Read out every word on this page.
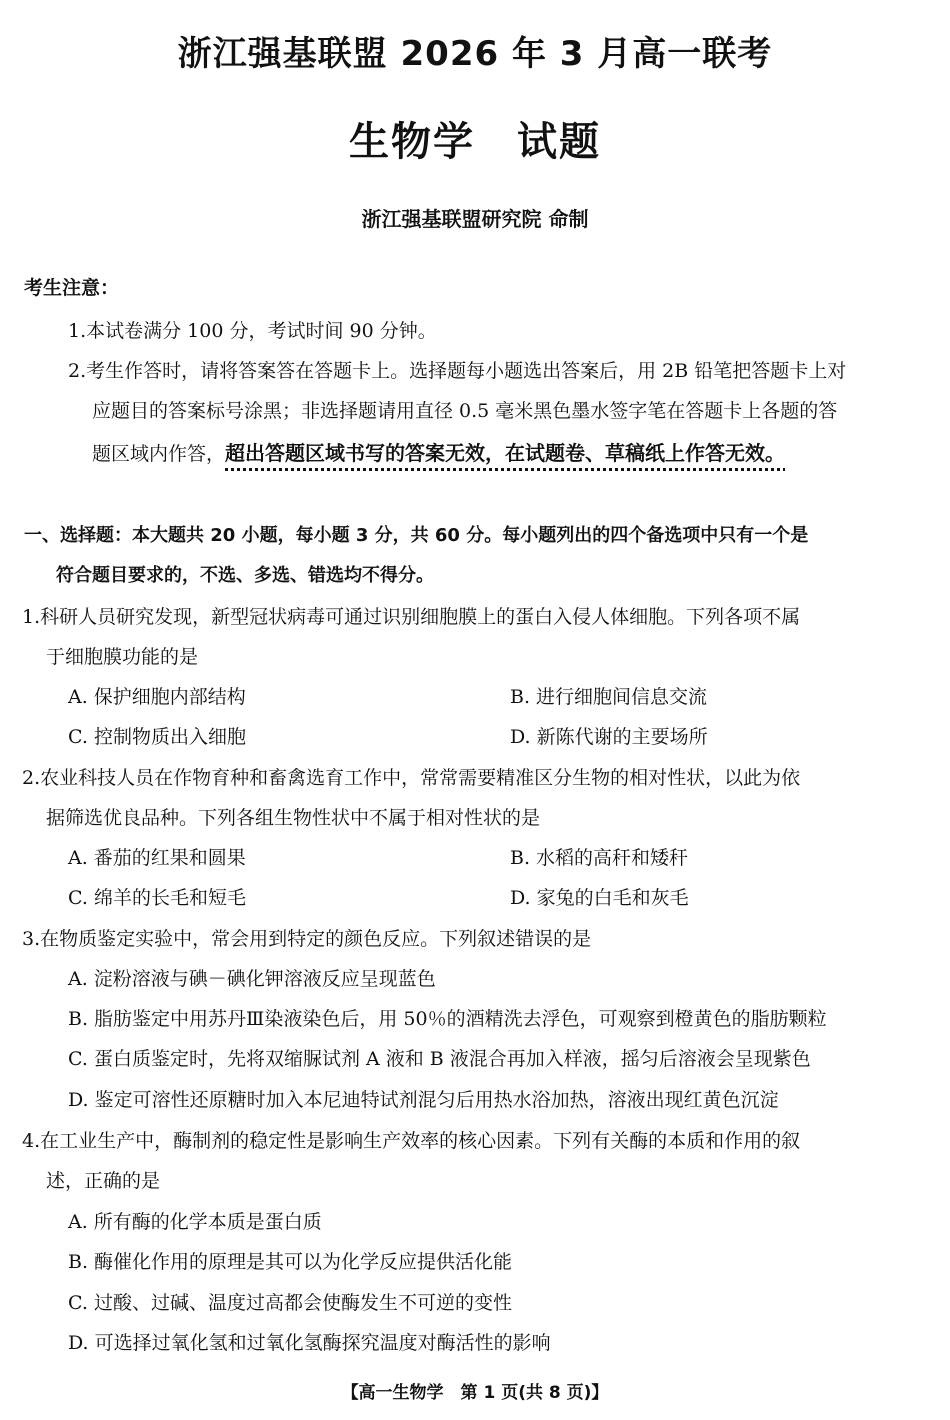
浙江强基联盟 2026 年 3 月高一联考
生物学　试题
浙江强基联盟研究院 命制
考生注意：
1.本试卷满分 100 分，考试时间 90 分钟。
2.考生作答时，请将答案答在答题卡上。选择题每小题选出答案后，用 2B 铅笔把答题卡上对
应题目的答案标号涂黑；非选择题请用直径 0.5 毫米黑色墨水签字笔在答题卡上各题的答
题区域内作答，超出答题区域书写的答案无效，在试题卷、草稿纸上作答无效。
一、选择题：本大题共 20 小题，每小题 3 分，共 60 分。每小题列出的四个备选项中只有一个是
符合题目要求的，不选、多选、错选均不得分。
1.科研人员研究发现，新型冠状病毒可通过识别细胞膜上的蛋白入侵人体细胞。下列各项不属
于细胞膜功能的是
A. 保护细胞内部结构	B. 进行细胞间信息交流
C. 控制物质出入细胞	D. 新陈代谢的主要场所
2.农业科技人员在作物育种和畜禽选育工作中，常常需要精准区分生物的相对性状，以此为依
据筛选优良品种。下列各组生物性状中不属于相对性状的是
A. 番茄的红果和圆果	B. 水稻的高秆和矮秆
C. 绵羊的长毛和短毛	D. 家兔的白毛和灰毛
3.在物质鉴定实验中，常会用到特定的颜色反应。下列叙述错误的是
A. 淀粉溶液与碘－碘化钾溶液反应呈现蓝色
B. 脂肪鉴定中用苏丹Ⅲ染液染色后，用 50％的酒精洗去浮色，可观察到橙黄色的脂肪颗粒
C. 蛋白质鉴定时，先将双缩脲试剂 A 液和 B 液混合再加入样液，摇匀后溶液会呈现紫色
D. 鉴定可溶性还原糖时加入本尼迪特试剂混匀后用热水浴加热，溶液出现红黄色沉淀
4.在工业生产中，酶制剂的稳定性是影响生产效率的核心因素。下列有关酶的本质和作用的叙
述，正确的是
A. 所有酶的化学本质是蛋白质
B. 酶催化作用的原理是其可以为化学反应提供活化能
C. 过酸、过碱、温度过高都会使酶发生不可逆的变性
D. 可选择过氧化氢和过氧化氢酶探究温度对酶活性的影响
【高一生物学　第 1 页(共 8 页)】
